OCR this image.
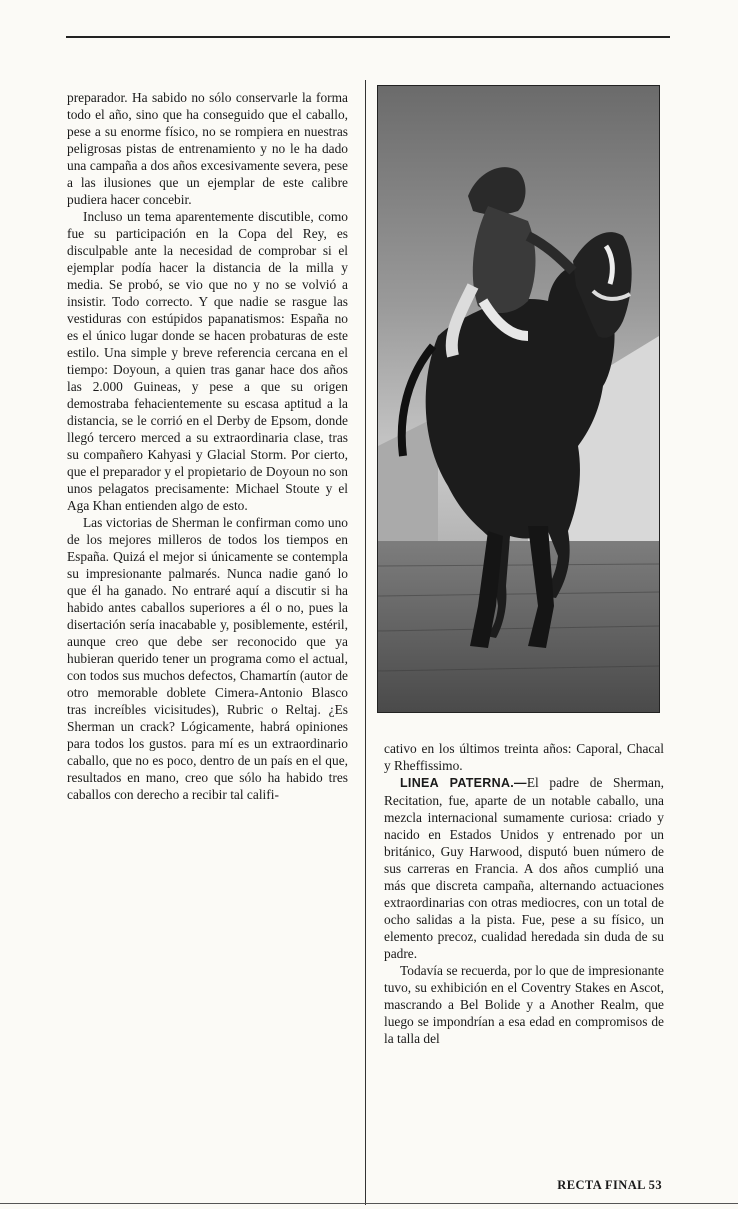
preparador. Ha sabido no sólo conservarle la forma todo el año, sino que ha conseguido que el caballo, pese a su enorme físico, no se rompiera en nuestras peligrosas pistas de entrenamiento y no le ha dado una campaña a dos años excesivamente severa, pese a las ilusiones que un ejemplar de este calibre pudiera hacer concebir.

Incluso un tema aparentemente discutible, como fue su participación en la Copa del Rey, es disculpable ante la necesidad de comprobar si el ejemplar podía hacer la distancia de la milla y media. Se probó, se vio que no y no se volvió a insistir. Todo correcto. Y que nadie se rasgue las vestiduras con estúpidos papanatismos: España no es el único lugar donde se hacen probaturas de este estilo. Una simple y breve referencia cercana en el tiempo: Doyoun, a quien tras ganar hace dos años las 2.000 Guineas, y pese a que su origen demostraba fehacientemente su escasa aptitud a la distancia, se le corrió en el Derby de Epsom, donde llegó tercero merced a su extraordinaria clase, tras su compañero Kahyasi y Glacial Storm. Por cierto, que el preparador y el propietario de Doyoun no son unos pelagatos precisamente: Michael Stoute y el Aga Khan entienden algo de esto.

Las victorias de Sherman le confirman como uno de los mejores milleros de todos los tiempos en España. Quizá el mejor si únicamente se contempla su impresionante palmarés. Nunca nadie ganó lo que él ha ganado. No entraré aquí a discutir si ha habido antes caballos superiores a él o no, pues la disertación sería inacabable y, posiblemente, estéril, aunque creo que debe ser reconocido que ya hubieran querido tener un programa como el actual, con todos sus muchos defectos, Chamartín (autor de otro memorable doblete Cimera-Antonio Blasco tras increíbles vicisitudes), Rubric o Reltaj. ¿Es Sherman un crack? Lógicamente, habrá opiniones para todos los gustos. para mí es un extraordinario caballo, que no es poco, dentro de un país en el que, resultados en mano, creo que sólo ha habido tres caballos con derecho a recibir tal califi-

cativo en los últimos treinta años: Caporal, Chacal y Rheffissimo.

LINEA PATERNA.—El padre de Sherman, Recitation, fue, aparte de un notable caballo, una mezcla internacional sumamente curiosa: criado y nacido en Estados Unidos y entrenado por un británico, Guy Harwood, disputó buen número de sus carreras en Francia. A dos años cumplió una más que discreta campaña, alternando actuaciones extraordinarias con otras mediocres, con un total de ocho salidas a la pista. Fue, pese a su físico, un elemento precoz, cualidad heredada sin duda de su padre.

Todavía se recuerda, por lo que de impresionante tuvo, su exhibición en el Coventry Stakes en Ascot, mascrando a Bel Bolide y a Another Realm, que luego se impondrían a esa edad en compromisos de la talla del

RECTA FINAL 53
